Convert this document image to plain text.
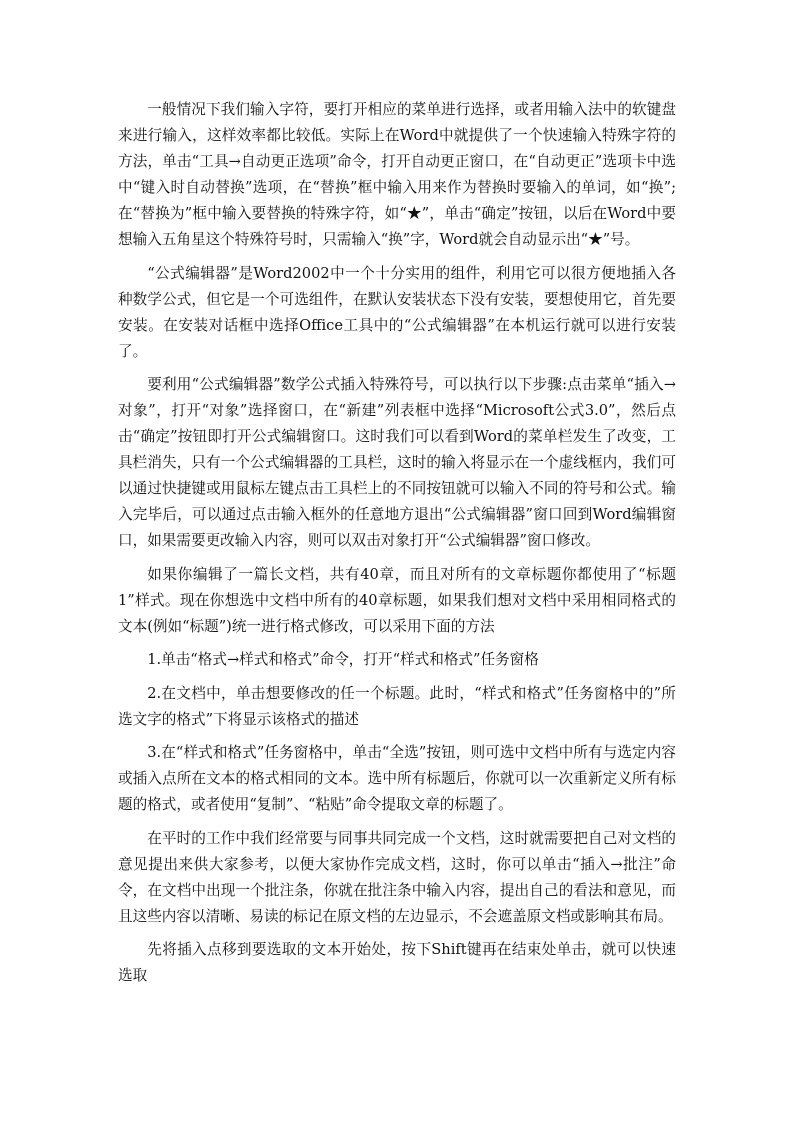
一般情况下我们输入字符，要打开相应的菜单进行选择，或者用输入法中的软键盘来进行输入，这样效率都比较低。实际上在Word中就提供了一个快速输入特殊字符的方法，单击“工具→自动更正选项”命令，打开自动更正窗口，在“自动更正”选项卡中选中“键入时自动替换”选项，在“替换”框中输入用来作为替换时要输入的单词，如“换”;在“替换为”框中输入要替换的特殊字符，如“★”，单击“确定”按钮，以后在Word中要想输入五角星这个特殊符号时，只需输入“换”字，Word就会自动显示出“★”号。

“公式编辑器”是Word2002中一个十分实用的组件，利用它可以很方便地插入各种数学公式，但它是一个可选组件，在默认安装状态下没有安装，要想使用它，首先要安装。在安装对话框中选择Office工具中的“公式编辑器”在本机运行就可以进行安装了。

要利用“公式编辑器”数学公式插入特殊符号，可以执行以下步骤:点击菜单“插入→对象”，打开“对象”选择窗口，在“新建”列表框中选择“Microsoft公式3.0”，然后点击“确定”按钮即打开公式编辑窗口。这时我们可以看到Word的菜单栏发生了改变，工具栏消失，只有一个公式编辑器的工具栏，这时的输入将显示在一个虚线框内，我们可以通过快捷键或用鼠标左键点击工具栏上的不同按钮就可以输入不同的符号和公式。输入完毕后，可以通过点击输入框外的任意地方退出“公式编辑器”窗口回到Word编辑窗口，如果需要更改输入内容，则可以双击对象打开“公式编辑器”窗口修改。

如果你编辑了一篇长文档，共有40章，而且对所有的文章标题你都使用了“标题1”样式。现在你想选中文档中所有的40章标题，如果我们想对文档中采用相同格式的文本(例如“标题”)统一进行格式修改，可以采用下面的方法

1.单击“格式→样式和格式”命令，打开“样式和格式”任务窗格

2.在文档中，单击想要修改的任一个标题。此时，“样式和格式”任务窗格中的”所选文字的格式”下将显示该格式的描述

3.在“样式和格式”任务窗格中，单击“全选”按钮，则可选中文档中所有与选定内容或插入点所在文本的格式相同的文本。选中所有标题后，你就可以一次重新定义所有标题的格式，或者使用“复制”、“粘贴”命令提取文章的标题了。

在平时的工作中我们经常要与同事共同完成一个文档，这时就需要把自己对文档的意见提出来供大家参考，以便大家协作完成文档，这时，你可以单击“插入→批注”命令，在文档中出现一个批注条，你就在批注条中输入内容，提出自己的看法和意见，而且这些内容以清晰、易读的标记在原文档的左边显示，不会遮盖原文档或影响其布局。

先将插入点移到要选取的文本开始处，按下Shift键再在结束处单击，就可以快速选取
